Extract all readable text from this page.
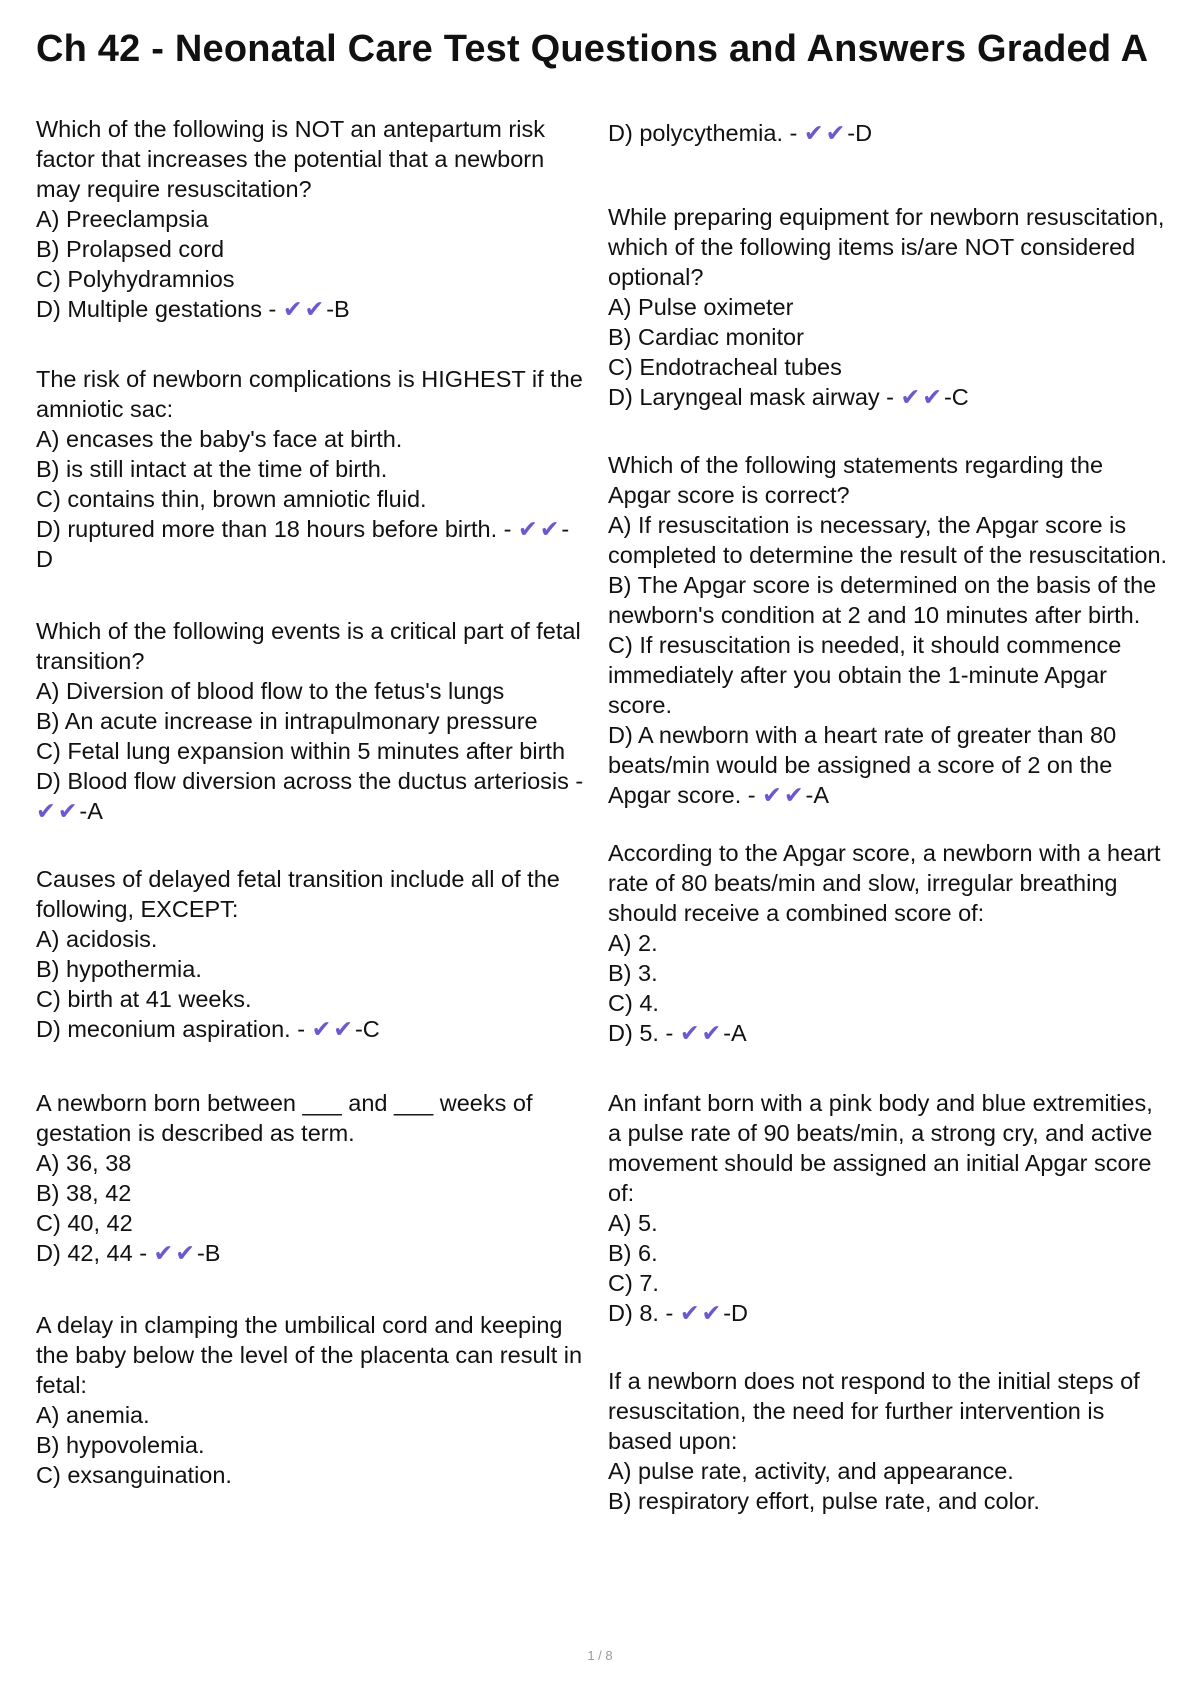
Ch 42 - Neonatal Care Test Questions and Answers Graded A
Which of the following is NOT an antepartum risk
factor that increases the potential that a newborn
may require resuscitation?
A) Preeclampsia
B) Prolapsed cord
C) Polyhydramnios
D) Multiple gestations - ✔✔-B
The risk of newborn complications is HIGHEST if the
amniotic sac:
A) encases the baby's face at birth.
B) is still intact at the time of birth.
C) contains thin, brown amniotic fluid.
D) ruptured more than 18 hours before birth. - ✔✔-
D
Which of the following events is a critical part of fetal
transition?
A) Diversion of blood flow to the fetus's lungs
B) An acute increase in intrapulmonary pressure
C) Fetal lung expansion within 5 minutes after birth
D) Blood flow diversion across the ductus arteriosis -
✔✔-A
Causes of delayed fetal transition include all of the
following, EXCEPT:
A) acidosis.
B) hypothermia.
C) birth at 41 weeks.
D) meconium aspiration. - ✔✔-C
A newborn born between ___ and ___ weeks of
gestation is described as term.
A) 36, 38
B) 38, 42
C) 40, 42
D) 42, 44 - ✔✔-B
A delay in clamping the umbilical cord and keeping
the baby below the level of the placenta can result in
fetal:
A) anemia.
B) hypovolemia.
C) exsanguination.
D) polycythemia. - ✔✔-D
While preparing equipment for newborn resuscitation,
which of the following items is/are NOT considered
optional?
A) Pulse oximeter
B) Cardiac monitor
C) Endotracheal tubes
D) Laryngeal mask airway - ✔✔-C
Which of the following statements regarding the
Apgar score is correct?
A) If resuscitation is necessary, the Apgar score is
completed to determine the result of the resuscitation.
B) The Apgar score is determined on the basis of the
newborn's condition at 2 and 10 minutes after birth.
C) If resuscitation is needed, it should commence
immediately after you obtain the 1-minute Apgar
score.
D) A newborn with a heart rate of greater than 80
beats/min would be assigned a score of 2 on the
Apgar score. - ✔✔-A
According to the Apgar score, a newborn with a heart
rate of 80 beats/min and slow, irregular breathing
should receive a combined score of:
A) 2.
B) 3.
C) 4.
D) 5. - ✔✔-A
An infant born with a pink body and blue extremities,
a pulse rate of 90 beats/min, a strong cry, and active
movement should be assigned an initial Apgar score
of:
A) 5.
B) 6.
C) 7.
D) 8. - ✔✔-D
If a newborn does not respond to the initial steps of
resuscitation, the need for further intervention is
based upon:
A) pulse rate, activity, and appearance.
B) respiratory effort, pulse rate, and color.
1 / 8
